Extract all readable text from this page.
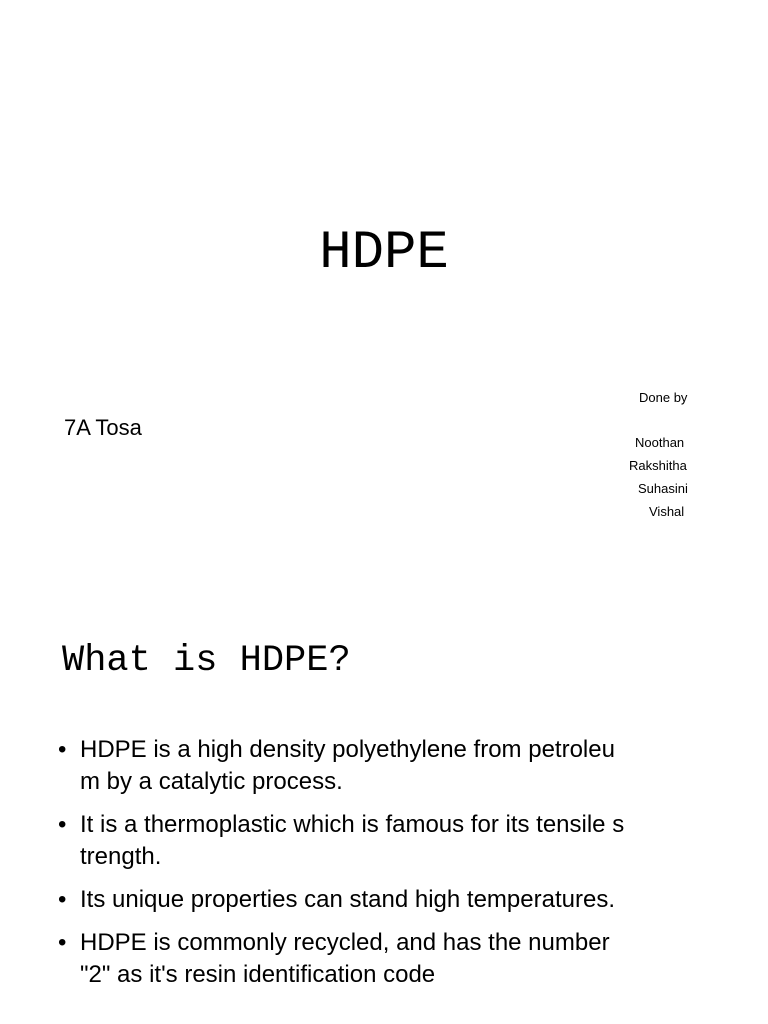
HDPE
7A Tosa
Done by
Noothan
Rakshitha
Suhasini
Vishal
What is HDPE?
• HDPE is a high density polyethylene from petroleu
m by a catalytic process.
• It is a thermoplastic which is famous for its tensile s
trength.
• Its unique properties can stand high temperatures.
• HDPE is commonly recycled, and has the number
"2" as it's resin identification code
